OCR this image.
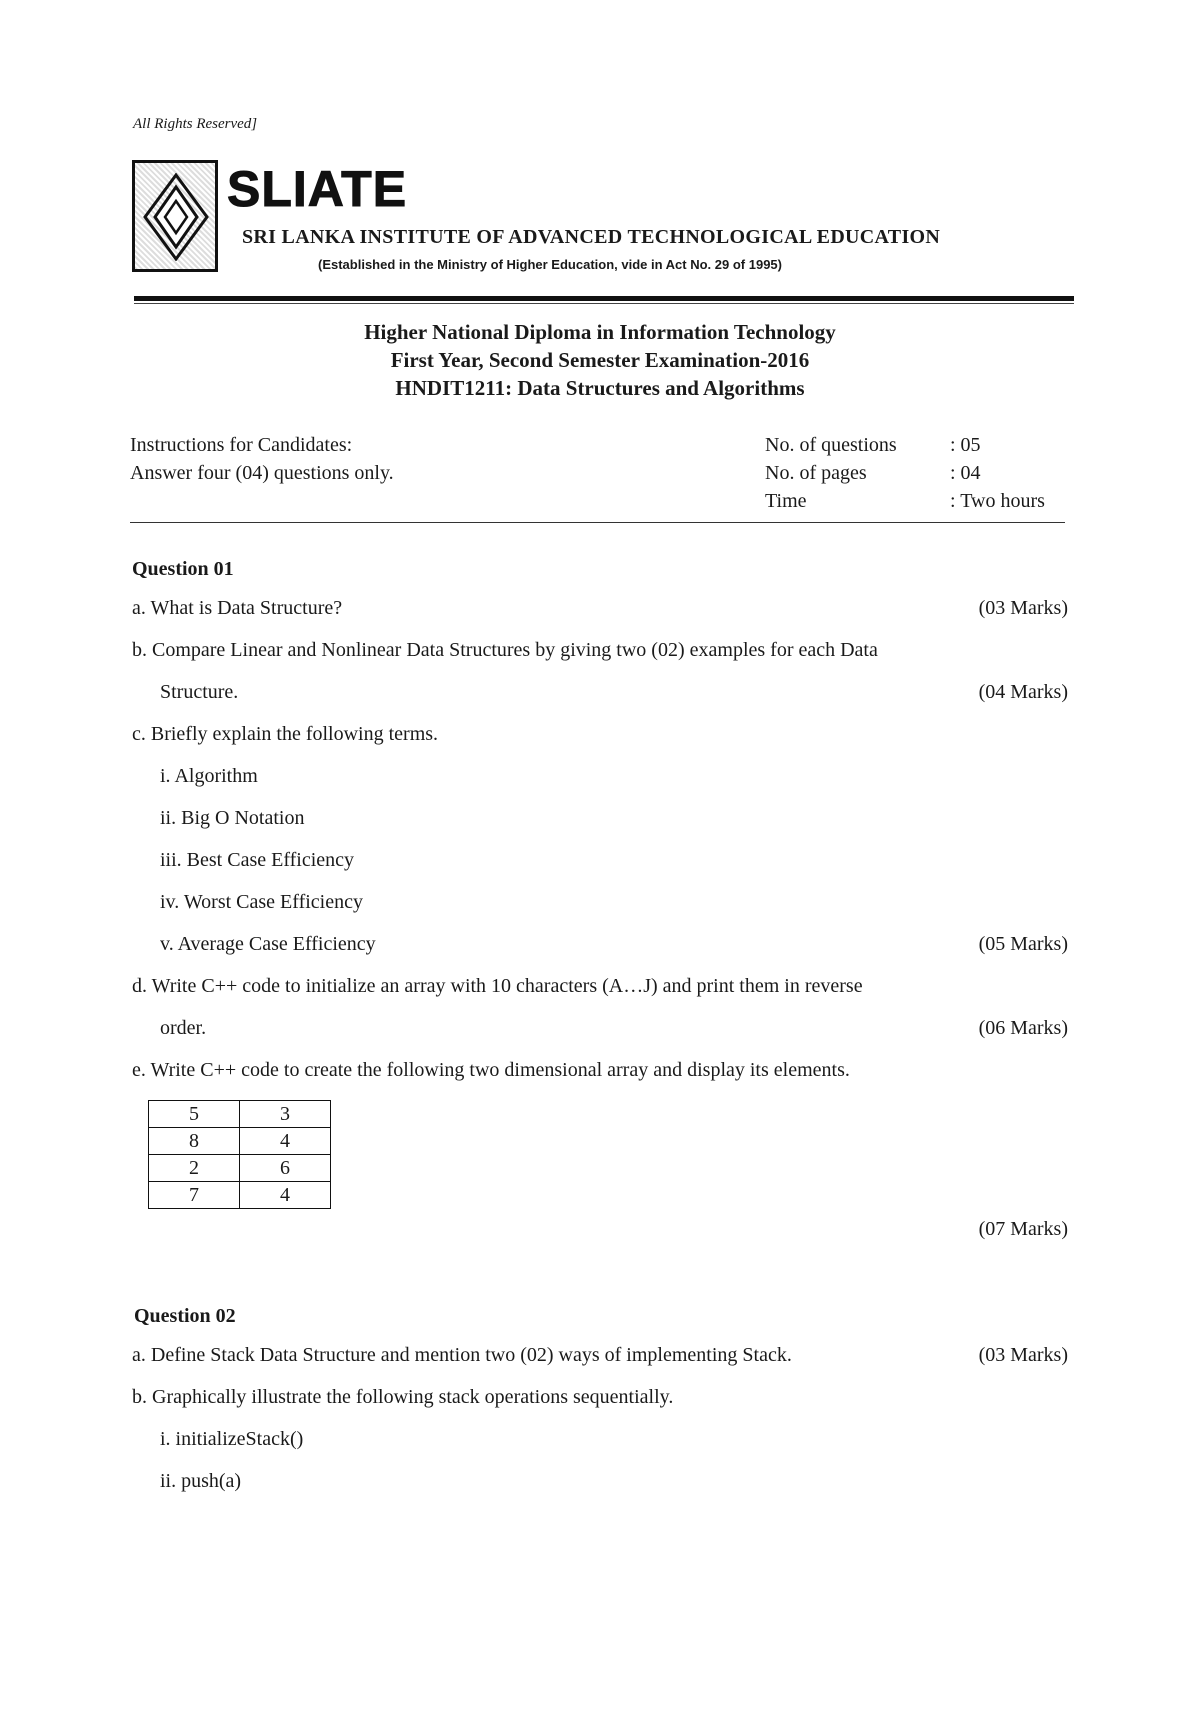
All Rights Reserved]
SLIATE
SRI LANKA INSTITUTE OF ADVANCED TECHNOLOGICAL EDUCATION
(Established in the Ministry of Higher Education, vide in Act No. 29 of 1995)
Higher National Diploma in Information Technology
First Year, Second Semester Examination-2016
HNDIT1211: Data Structures and Algorithms
Instructions for Candidates:
Answer four (04) questions only.
No. of questions	: 05
No. of pages	: 04
Time	: Two hours
Question 01
a. What is Data Structure?	(03 Marks)
b. Compare Linear and Nonlinear Data Structures by giving two (02) examples for each Data
Structure.	(04 Marks)
c. Briefly explain the following terms.
i. Algorithm
ii. Big O Notation
iii. Best Case Efficiency
iv. Worst Case Efficiency
v. Average Case Efficiency	(05 Marks)
d. Write C++ code to initialize an array with 10 characters (A…J) and print them in reverse
order.	(06 Marks)
e. Write C++ code to create the following two dimensional array and display its elements.
5	3
8	4
2	6
7	4
(07 Marks)
Question 02
a. Define Stack Data Structure and mention two (02) ways of implementing Stack.	(03 Marks)
b. Graphically illustrate the following stack operations sequentially.
i. initializeStack()
ii. push(a)
